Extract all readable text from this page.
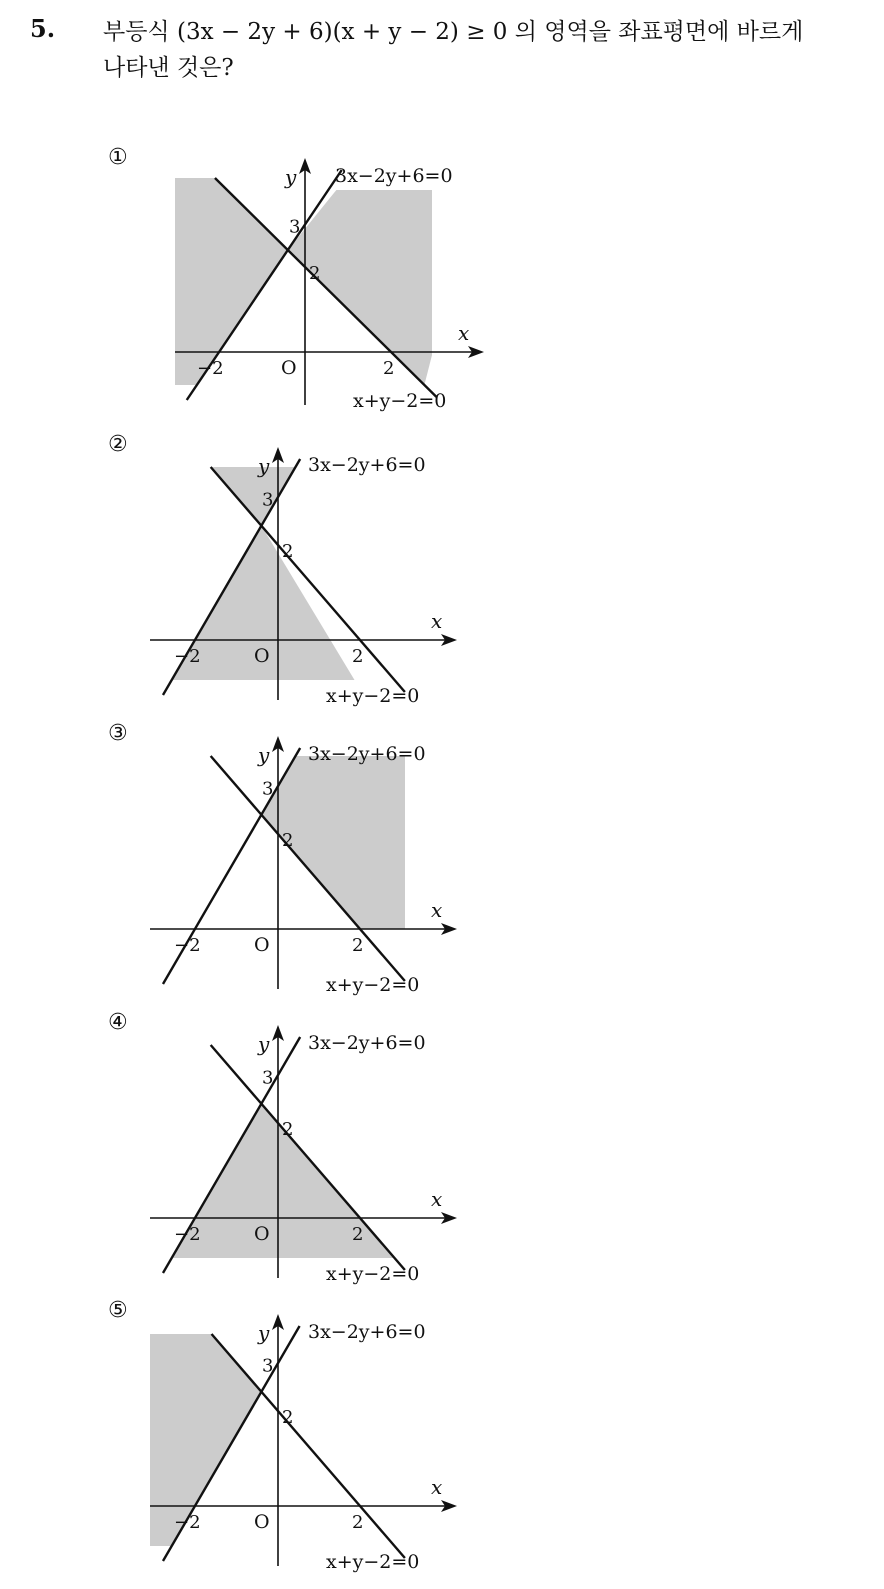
5. 부등식 (3x − 2y + 6)(x + y − 2) ≥ 0 의 영역을 좌표평면에 바르게
나타낸 것은?
y
x
O
3
2
−2	2
3x−2y+6=0
x+y−2=0
y
x
O
3
2
−2	2
3x−2y+6=0
x+y−2=0
y
x
O
3
2
−2	2
3x−2y+6=0
x+y−2=0
y
x
O
3
2
−2	2
3x−2y+6=0
x+y−2=0
y
x
O
3
2
−2	2
3x−2y+6=0
x+y−2=0
①
②
③
④
⑤
